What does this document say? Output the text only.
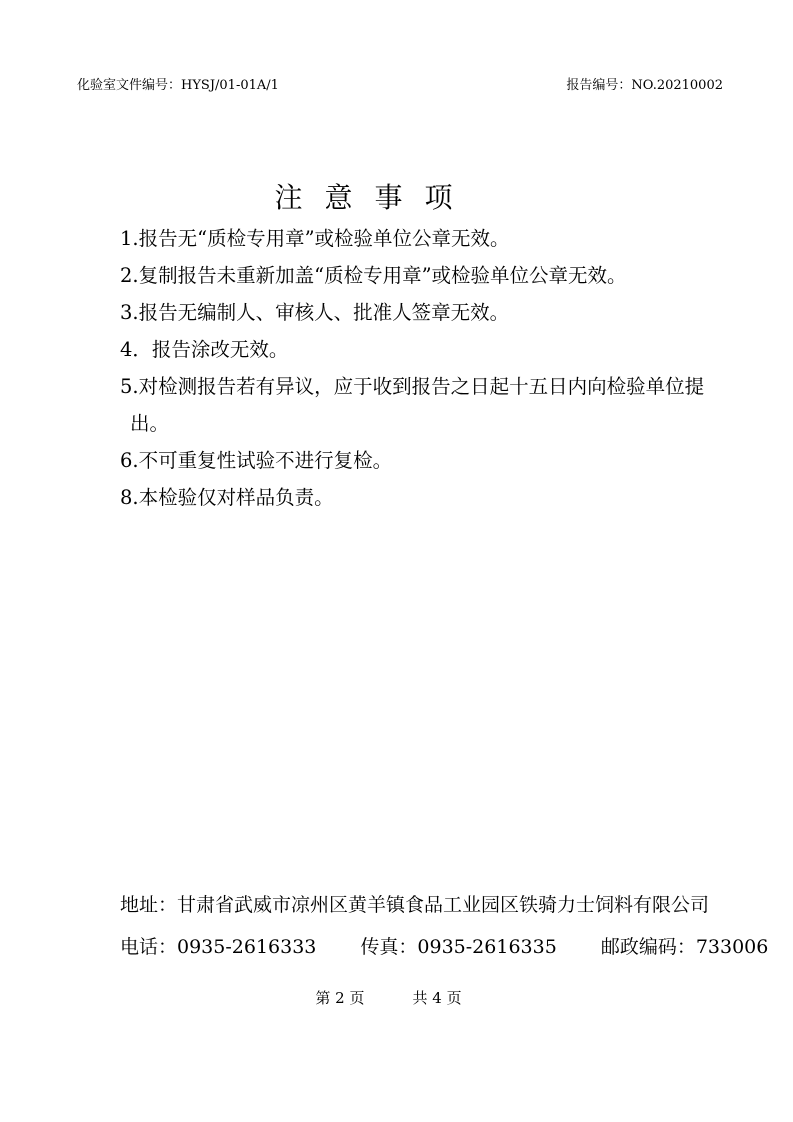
化验室文件编号：HYSJ/01-01A/1	报告编号：NO.20210002
注意事项

1.报告无“质检专用章”或检验单位公章无效。

2.复制报告未重新加盖“质检专用章”或检验单位公章无效。

3.报告无编制人、审核人、批准人签章无效。

4．报告涂改无效。

5.对检测报告若有异议，应于收到报告之日起十五日内向检验单位提

出。

6.不可重复性试验不进行复检。

8.本检验仅对样品负责。

地址：甘肃省武威市凉州区黄羊镇食品工业园区铁骑力士饲料有限公司
电话：0935-2616333 传真：0935-2616335 邮政编码：733006
第 2 页	共 4 页
